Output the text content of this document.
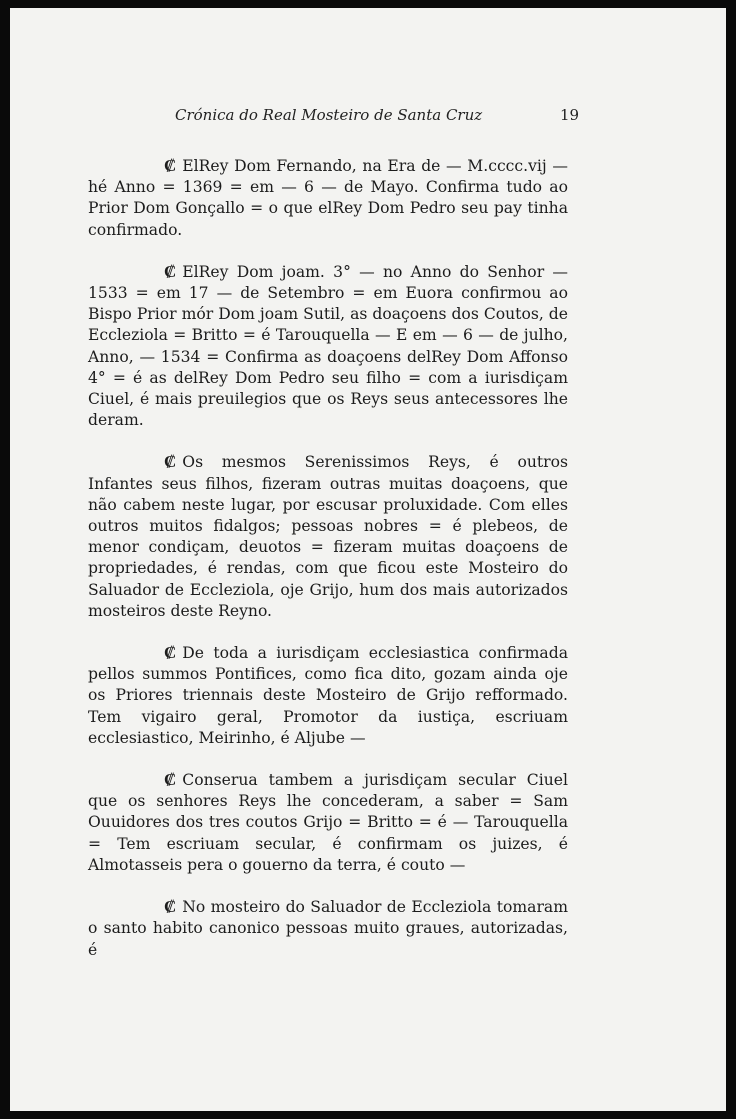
Crónica do Real Mosteiro de Santa Cruz	19

₡ ElRey Dom Fernando, na Era de — M.cccc.vij — hé Anno = 1369 = em — 6 — de Mayo. Confirma tudo ao Prior Dom Gonçallo = o que elRey Dom Pedro seu pay tinha confirmado.

₡ ElRey Dom joam. 3° — no Anno do Senhor — 1533 = em 17 — de Setembro = em Euora confirmou ao Bispo Prior mór Dom joam Sutil, as doaçoens dos Coutos, de Eccleziola = Britto = é Tarouquella — E em — 6 — de julho, Anno, — 1534 = Confirma as doaçoens delRey Dom Affonso 4° = é as delRey Dom Pedro seu filho = com a iurisdiçam Ciuel, é mais preuilegios que os Reys seus antecessores lhe deram.

₡ Os mesmos Serenissimos Reys, é outros Infantes seus filhos, fizeram outras muitas doaçoens, que não cabem neste lugar, por escusar proluxidade. Com elles outros muitos fidalgos; pessoas nobres = é plebeos, de menor condiçam, deuotos = fizeram muitas doaçoens de propriedades, é rendas, com que ficou este Mosteiro do Saluador de Eccleziola, oje Grijo, hum dos mais autorizados mosteiros deste Reyno.

₡ De toda a iurisdiçam ecclesiastica confirmada pellos summos Pontifices, como fica dito, gozam ainda oje os Priores triennais deste Mosteiro de Grijo refformado. Tem vigairo geral, Promotor da iustiça, escriuam ecclesiastico, Meirinho, é Aljube —

₡ Conserua tambem a jurisdiçam secular Ciuel que os senhores Reys lhe concederam, a saber = Sam Ouuidores dos tres coutos Grijo = Britto = é — Tarouquella = Tem escriuam secular, é confirmam os juizes, é Almotasseis pera o gouerno da terra, é couto —

₡ No mosteiro do Saluador de Eccleziola tomaram o santo habito canonico pessoas muito graues, autorizadas, é
